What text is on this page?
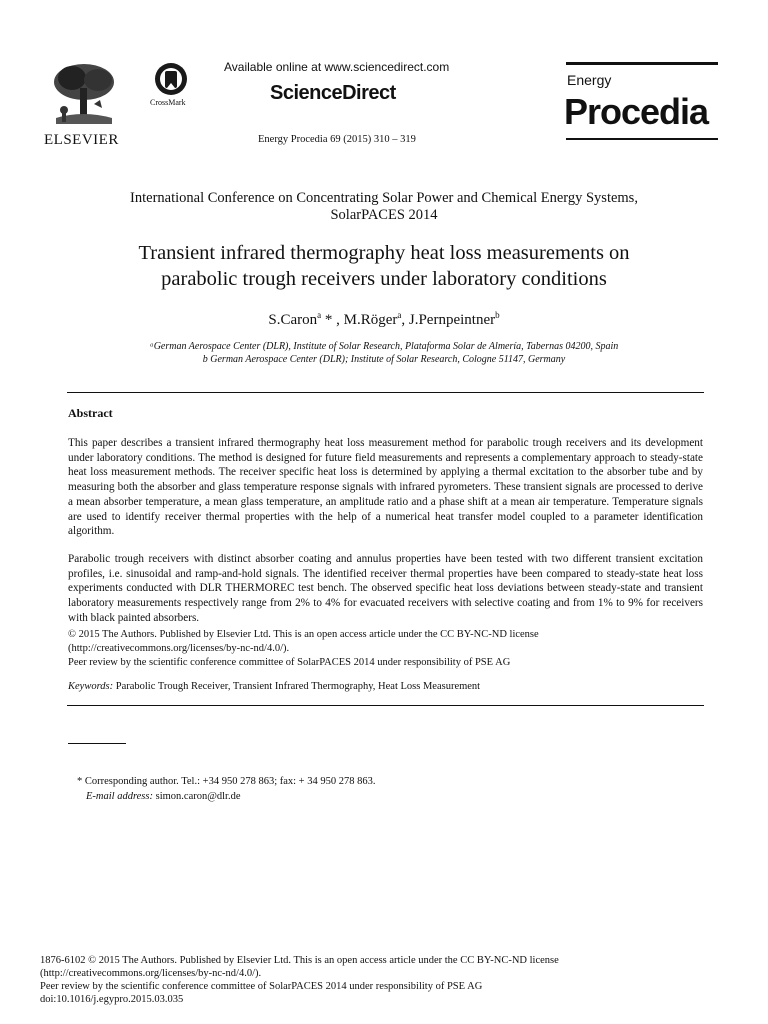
ELSEVIER
CrossMark
Available online at www.sciencedirect.com
ScienceDirect
Energy Procedia 69 (2015) 310 – 319
Energy
Procedia
International Conference on Concentrating Solar Power and Chemical Energy Systems,
SolarPACES 2014
Transient infrared thermography heat loss measurements on
parabolic trough receivers under laboratory conditions
S.Caron$^a$ * , M.Röger$^a$, J.Pernpeintner$^b$
ᵃGerman Aerospace Center (DLR), Institute of Solar Research, Plataforma Solar de Almería, Tabernas 04200, Spain
b German Aerospace Center (DLR); Institute of Solar Research, Cologne 51147, Germany
Abstract
This paper describes a transient infrared thermography heat loss measurement method for parabolic trough receivers and its development under laboratory conditions. The method is designed for future field measurements and represents a complementary approach to steady-state heat loss measurement methods. The receiver specific heat loss is determined by applying a thermal excitation to the absorber tube and by measuring both the absorber and glass temperature response signals with infrared pyrometers. These transient signals are processed to derive a mean absorber temperature, a mean glass temperature, an amplitude ratio and a phase shift at a mean air temperature. Temperature signals are used to identify receiver thermal properties with the help of a numerical heat transfer model coupled to a parameter identification algorithm.
Parabolic trough receivers with distinct absorber coating and annulus properties have been tested with two different transient excitation profiles, i.e. sinusoidal and ramp-and-hold signals. The identified receiver thermal properties have been compared to steady-state heat loss experiments conducted with DLR THERMOREC test bench. The observed specific heat loss deviations between steady-state and transient laboratory measurements respectively range from 2% to 4% for evacuated receivers with selective coating and from 1% to 9% for receivers with black painted absorbers.
© 2015 The Authors. Published by Elsevier Ltd. This is an open access article under the CC BY-NC-ND license
(http://creativecommons.org/licenses/by-nc-nd/4.0/).
Peer review by the scientific conference committee of SolarPACES 2014 under responsibility of PSE AG
Keywords: Parabolic Trough Receiver, Transient Infrared Thermography, Heat Loss Measurement
* Corresponding author. Tel.: +34 950 278 863; fax: + 34 950 278 863.
E-mail address: simon.caron@dlr.de
1876-6102 © 2015 The Authors. Published by Elsevier Ltd. This is an open access article under the CC BY-NC-ND license
(http://creativecommons.org/licenses/by-nc-nd/4.0/).
Peer review by the scientific conference committee of SolarPACES 2014 under responsibility of PSE AG
doi:10.1016/j.egypro.2015.03.035
